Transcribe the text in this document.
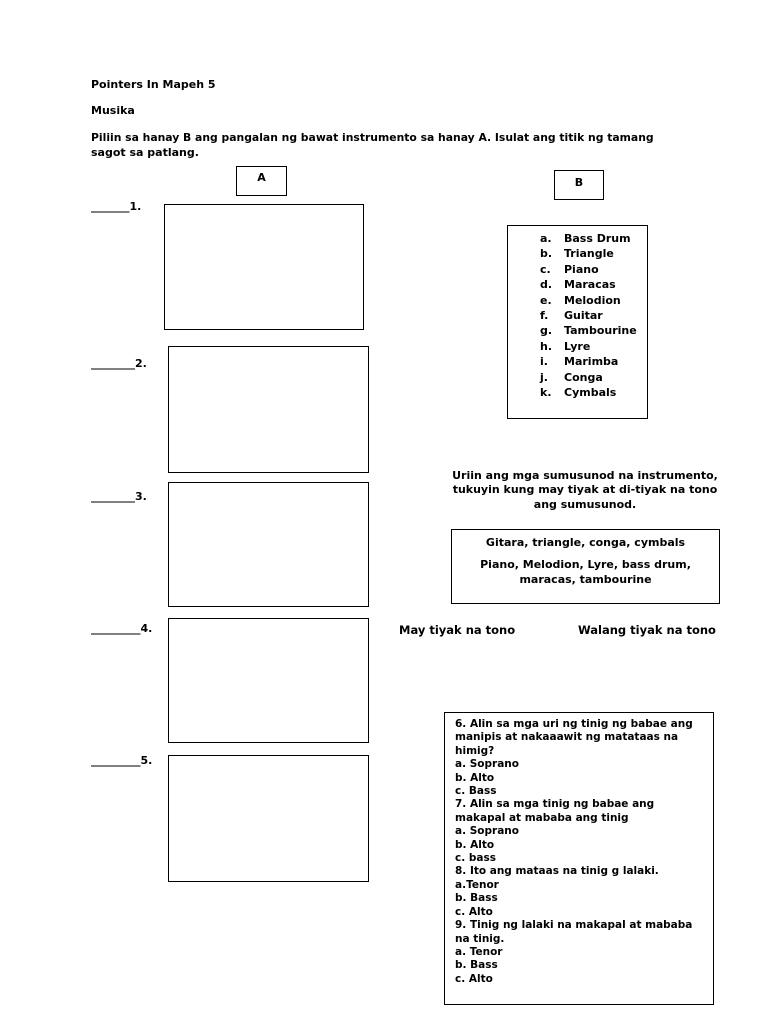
Pointers In Mapeh 5
Musika
Piliin sa hanay B ang pangalan ng bawat instrumento sa hanay A. Isulat ang titik ng tamang
sagot sa patlang.
A	B
_______1.
________2.
________3.
_________4.
_________5.
a.	Bass Drum
b.	Triangle
c.	Piano
d.	Maracas
e.	Melodion
f.	Guitar
g.	Tambourine
h.	Lyre
i.	Marimba
j.	Conga
k.	Cymbals
Uriin ang mga sumusunod na instrumento,
tukuyin kung may tiyak at di-tiyak na tono
ang sumusunod.
Gitara, triangle, conga, cymbals
Piano, Melodion, Lyre, bass drum,
maracas, tambourine
May tiyak na tono	Walang tiyak na tono
6. Alin sa mga uri ng tinig ng babae ang
manipis at nakaaawit ng matataas na
himig?
a. Soprano
b. Alto
c. Bass
7. Alin sa mga tinig ng babae ang
makapal at mababa ang tinig
a. Soprano
b. Alto
c. bass
8. Ito ang mataas na tinig g lalaki.
a.Tenor
b. Bass
c. Alto
9. Tinig ng lalaki na makapal at mababa
na tinig.
a. Tenor
b. Bass
c. Alto
